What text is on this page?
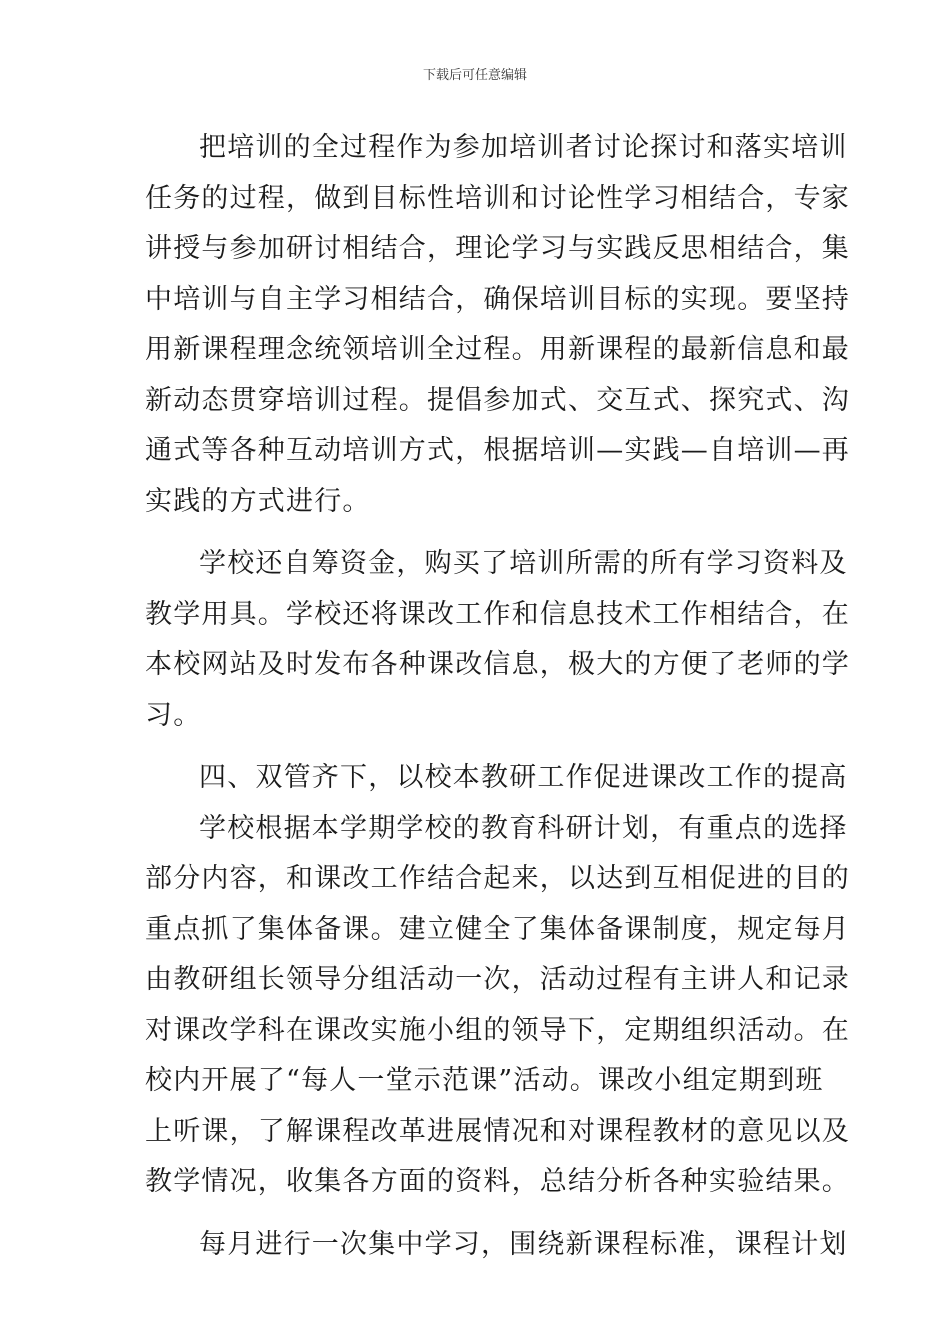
下载后可任意编辑
把培训的全过程作为参加培训者讨论探讨和落实培训
任务的过程，做到目标性培训和讨论性学习相结合，专家
讲授与参加研讨相结合，理论学习与实践反思相结合，集
中培训与自主学习相结合，确保培训目标的实现。要坚持
用新课程理念统领培训全过程。用新课程的最新信息和最
新动态贯穿培训过程。提倡参加式、交互式、探究式、沟
通式等各种互动培训方式，根据培训—实践—自培训—再
实践的方式进行。
学校还自筹资金，购买了培训所需的所有学习资料及
教学用具。学校还将课改工作和信息技术工作相结合，在
本校网站及时发布各种课改信息，极大的方便了老师的学
习。
四、双管齐下，以校本教研工作促进课改工作的提高
学校根据本学期学校的教育科研计划，有重点的选择
部分内容，和课改工作结合起来，以达到互相促进的目的
重点抓了集体备课。建立健全了集体备课制度，规定每月
由教研组长领导分组活动一次，活动过程有主讲人和记录
对课改学科在课改实施小组的领导下，定期组织活动。在
校内开展了“每人一堂示范课”活动。课改小组定期到班
上听课，了解课程改革进展情况和对课程教材的意见以及
教学情况，收集各方面的资料，总结分析各种实验结果。
每月进行一次集中学习，围绕新课程标准，课程计划
